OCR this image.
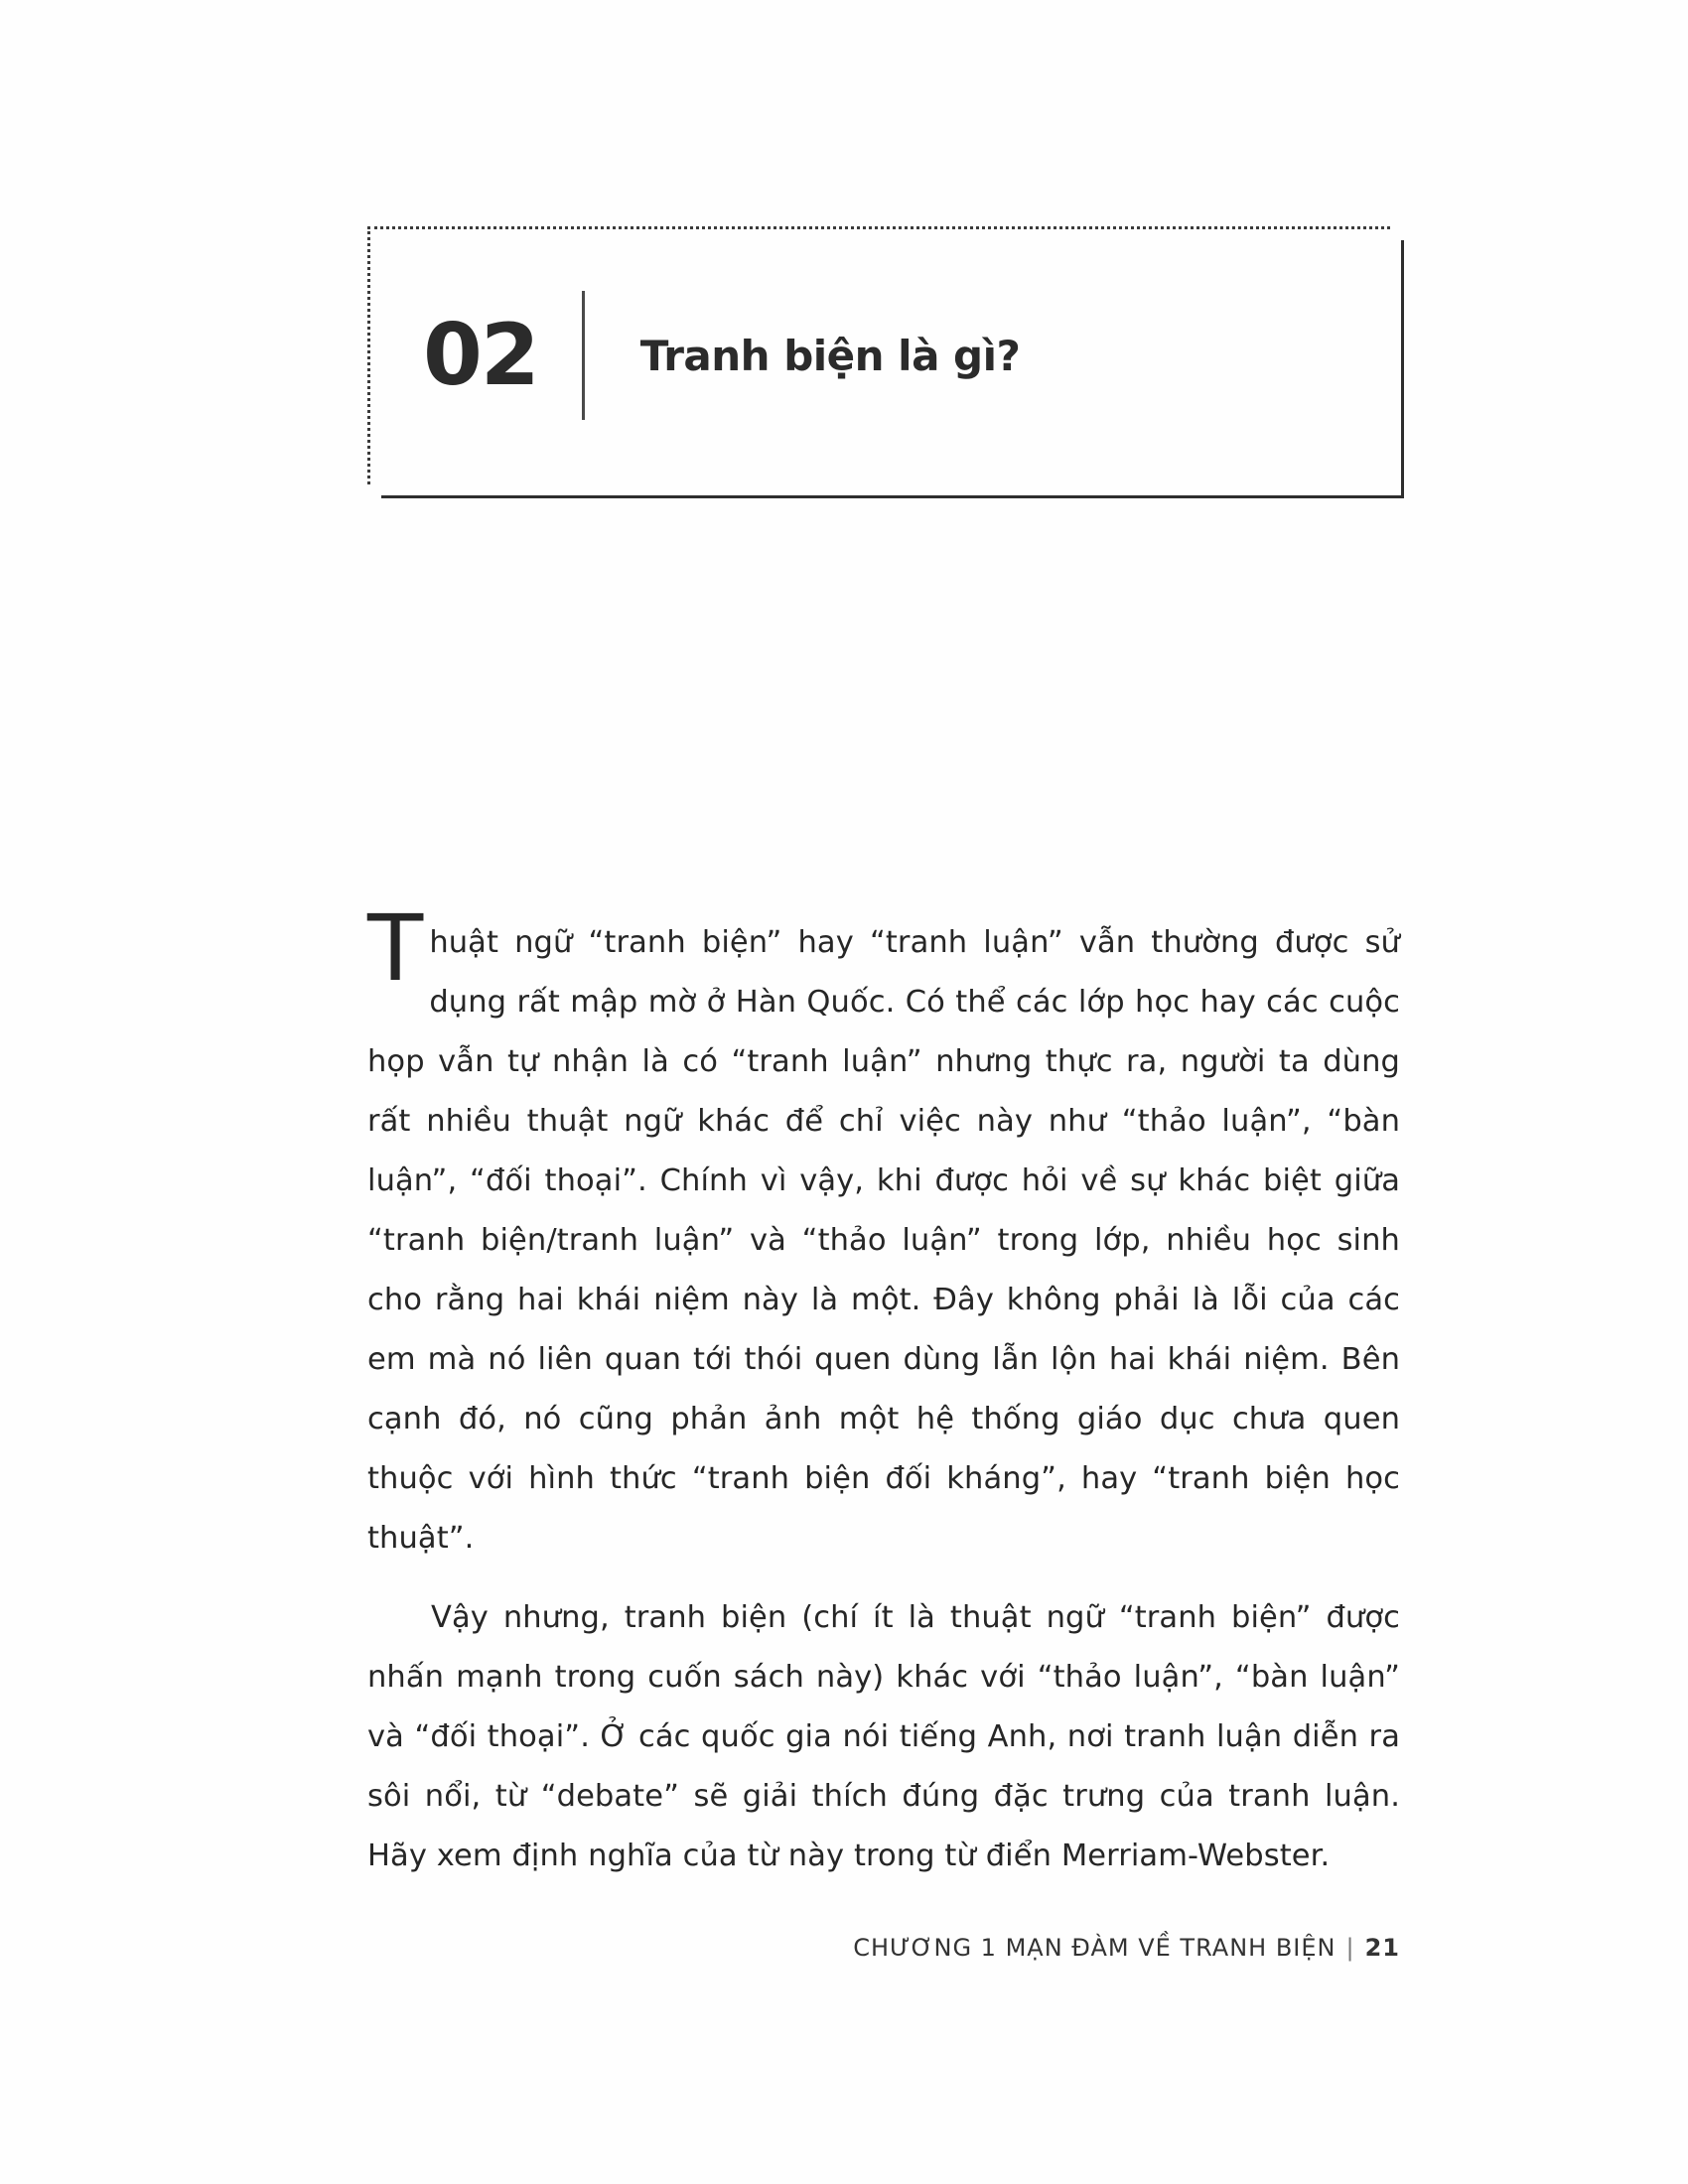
02 Tranh biện là gì?

Thuật ngữ “tranh biện” hay “tranh luận” vẫn thường được sử dụng rất mập mờ ở Hàn Quốc. Có thể các lớp học hay các cuộc họp vẫn tự nhận là có “tranh luận” nhưng thực ra, người ta dùng rất nhiều thuật ngữ khác để chỉ việc này như “thảo luận”, “bàn luận”, “đối thoại”. Chính vì vậy, khi được hỏi về sự khác biệt giữa “tranh biện/tranh luận” và “thảo luận” trong lớp, nhiều học sinh cho rằng hai khái niệm này là một. Đây không phải là lỗi của các em mà nó liên quan tới thói quen dùng lẫn lộn hai khái niệm. Bên cạnh đó, nó cũng phản ảnh một hệ thống giáo dục chưa quen thuộc với hình thức “tranh biện đối kháng”, hay “tranh biện học thuật”.

Vậy nhưng, tranh biện (chí ít là thuật ngữ “tranh biện” được nhấn mạnh trong cuốn sách này) khác với “thảo luận”, “bàn luận” và “đối thoại”. Ở các quốc gia nói tiếng Anh, nơi tranh luận diễn ra sôi nổi, từ “debate” sẽ giải thích đúng đặc trưng của tranh luận. Hãy xem định nghĩa của từ này trong từ điển Merriam-Webster.

CHƯƠNG 1 MẠN ĐÀM VỀ TRANH BIỆN | 21
